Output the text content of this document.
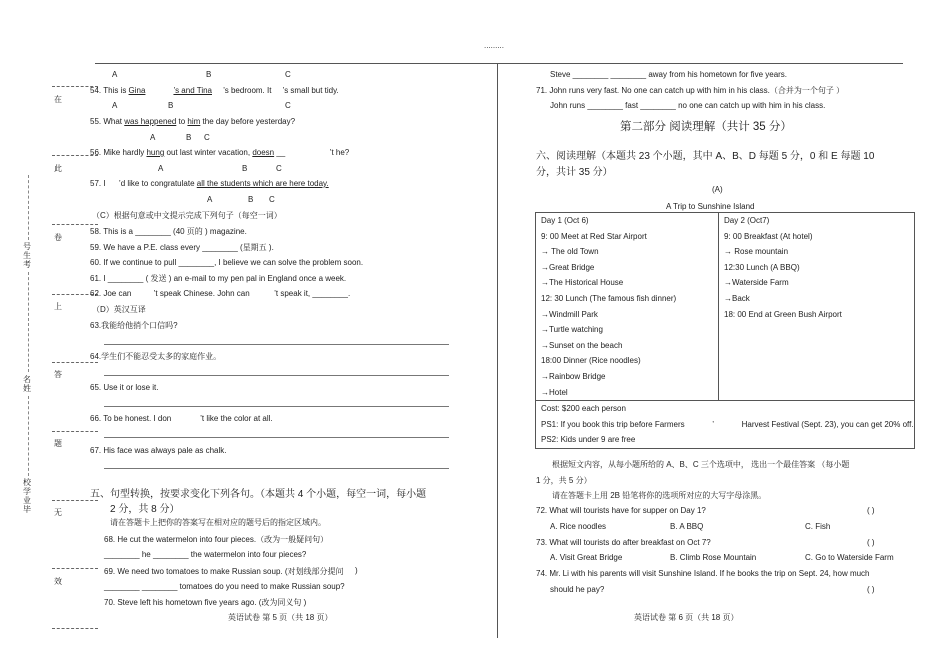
.........
在
此
卷
上
答
题
无
效
号生考
名姓
校学业毕
A	B	C
54. This is Gina	’s and Tina ’s bedroom. It ’s small but tidy.
A	B	C
55. What was happened to him the day before yesterday?
A	B C
56. Mike hardly hung out last winter vacation, doesn __	’t he?
A	B	C
57. I ’d like to congratulate all the students which are here today.
A	B C
（C）根据句意或中文提示完成下列句子（每空一词）
58. This is a ________ (40 页的 ) magazine.
59. We have a P.E. class every ________ (星期五 ).
60. If we continue to pull ________, I believe we can solve the problem soon.
61. I ________ ( 发送 ) an e-mail to my pen pal in England once a week.
62. Joe can	’t speak Chinese. John can	’t speak it, ________.
（D）英汉互译
63.我能给他捎个口信吗?
64.学生们不能忍受太多的家庭作业。
65. Use it or lose it.
66. To be honest. I don	’t like the color at all.
67. His face was always pale as chalk.
五、句型转换，按要求变化下列各句。（本题共 4 个小题，每空一词，每小题
2 分，共 8 分）
请在答题卡上把你的答案写在相对应的题号后的指定区域内。
68. He cut the watermelon into four pieces.（改为一般疑问句）
________ he ________ the watermelon into four pieces?
69. We need two tomatoes to make Russian soup. (对划线部分提问 )
________ ________ tomatoes do you need to make Russian soup?
70. Steve left his hometown five years ago. (改为同义句 )
英语试卷 第 5 页（共 18 页）
Steve ________ ________ away from his hometown for five years.
71. John runs very fast. No one can catch up with him in his class.（合并为一个句子 ）
John runs ________ fast ________ no one can catch up with him in his class.
第二部分 阅读理解（共计 35 分）
六、阅读理解（本题共 23 个小题，其中 A、B、D 每题 5 分，0 和 E 每题 10
分，共计 35 分）
(A)
A Trip to Sunshine Island
Day 1 (Oct 6)
9: 00 Meet at Red Star Airport
→ The old Town
→Great Bridge
→The Historical House
12: 30 Lunch (The famous fish dinner)
→Windmill Park
→Turtle watching
→Sunset on the beach
18:00 Dinner (Rice noodles)
→Rainbow Bridge
→Hotel

Day 2 (Oct7)
9: 00 Breakfast (At hotel)
→ Rose mountain
12:30 Lunch (A BBQ)
→Waterside Farm
→Back
18: 00 End at Green Bush Airport

Cost: $200 each person
PS1: If you book this trip before Farmers	’	Harvest Festival (Sept. 23), you can get 20% off.
PS2: Kids under 9 are free
根据短文内容，从每小题所给的 A、B、C 三个选项中， 选出一个最佳答案 （每小题
1 分，共 5 分）
请在答题卡上用 2B 铅笔将你的选项所对应的大写字母涂黑。
72. What will tourists have for supper on Day 1?	( )
A. Rice noodles	B. A BBQ	C. Fish
73. What will tourists do after breakfast on Oct 7?	( )
A. Visit Great Bridge	B. Climb Rose Mountain	C. Go to Waterside Farm
74. Mr. Li with his parents will visit Sunshine Island. If he books the trip on Sept. 24, how much
should he pay?	( )
英语试卷 第 6 页（共 18 页）
